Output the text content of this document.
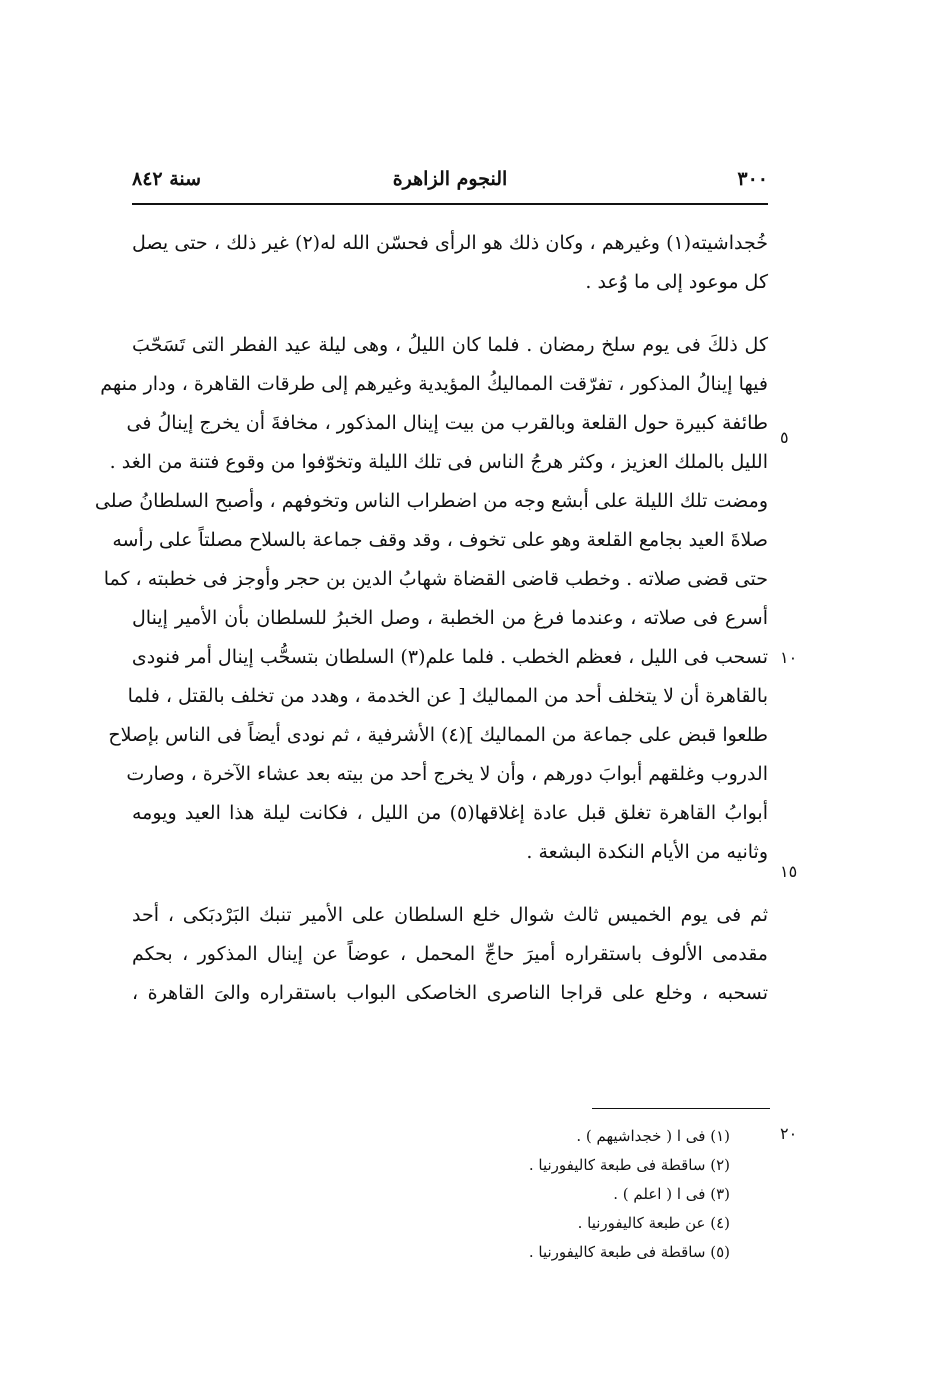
٣٠٠
النجوم الزاهرة
سنة ٨٤٢
خُجداشيته(١) وغيرهم ، وكان ذلك هو الرأى فحسّن الله له(٢) غير ذلك ، حتى يصل
كل موعود إلى ما وُعد .
كل ذلكَ فى يوم سلخ رمضان . فلما كان الليلُ ، وهى ليلة عيد الفطر التى تَسَحّبَ
فيها إينالُ المذكور ، تفرّقت المماليكُ المؤيدية وغيرهم إلى طرقات القاهرة ، ودار منهم
طائفة كبيرة حول القلعة وبالقرب من بيت إينال المذكور ، مخافةَ أن يخرج إينالُ فى
الليل بالملك العزيز ، وكثر هرجُ الناس فى تلك الليلة وتخوّفوا من وقوع فتنة من الغد .
ومضت تلك الليلة على أبشع وجه من اضطراب الناس وتخوفهم ، وأصبح السلطانُ صلى
صلاةَ العيد بجامع القلعة وهو على تخوف ، وقد وقف جماعة بالسلاح مصلتاً على رأسه
حتى قضى صلاته . وخطب قاضى القضاة شهابُ الدين بن حجر وأوجز فى خطبته ، كما
أسرع فى صلاته ، وعندما فرغ من الخطبة ، وصل الخبرُ للسلطان بأن الأمير إينال
تسحب فى الليل ، فعظم الخطب . فلما علم(٣) السلطان بتسحُّب إينال أمر فنودى
بالقاهرة أن لا يتخلف أحد من المماليك [ عن الخدمة ، وهدد من تخلف بالقتل ، فلما
طلعوا قبض على جماعة من المماليك ](٤) الأشرفية ، ثم نودى أيضاً فى الناس بإصلاح
الدروب وغلقهم أبوابَ دورهم ، وأن لا يخرج أحد من بيته بعد عشاء الآخرة ، وصارت
أبوابُ القاهرة تغلق قبل عادة إغلاقها(٥) من الليل ، فكانت ليلة هذا العيد ويومه
وثانيه من الأيام النكدة البشعة .
ثم فى يوم الخميس ثالث شوال خلع السلطان على الأمير تنبك البَرْدبَكى ، أحد
مقدمى الألوف باستقراره أميرَ حاجِّ المحمل ، عوضاً عن إينال المذكور ، بحكم
تسحبه ، وخلع على قراجا الناصرى الخاصكى البواب باستقراره والىَ القاهرة ،
٥
١٠
١٥
٢٠
(١) فى ا ( خجداشيهم ) .
(٢) ساقطة فى طبعة كاليفورنيا .
(٣) فى ا ( اعلم ) .
(٤) عن طبعة كاليفورنيا .
(٥) ساقطة فى طبعة كاليفورنيا .
